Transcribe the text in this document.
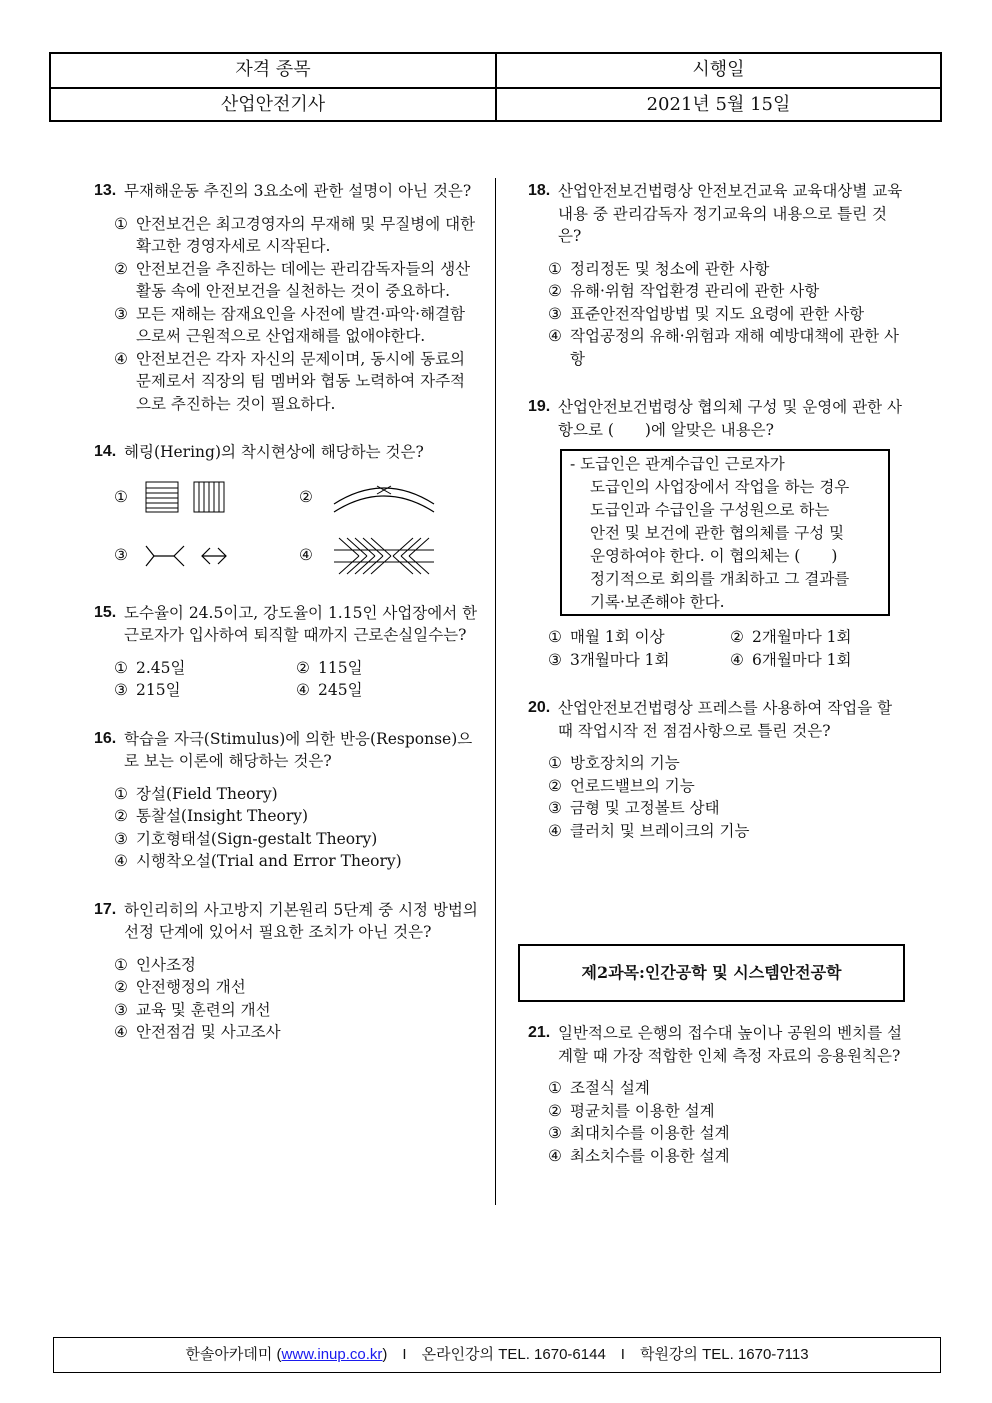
자격 종목	시행일
산업안전기사	2021년 5월 15일
13. 무재해운동 추진의 3요소에 관한 설명이 아닌 것은?
① 안전보건은 최고경영자의 무재해 및 무질병에 대한 확고한 경영자세로 시작된다.
② 안전보건을 추진하는 데에는 관리감독자들의 생산 활동 속에 안전보건을 실천하는 것이 중요하다.
③ 모든 재해는 잠재요인을 사전에 발견·파악·해결함으로써 근원적으로 산업재해를 없애야한다.
④ 안전보건은 각자 자신의 문제이며, 동시에 동료의 문제로서 직장의 팀 멤버와 협동 노력하여 자주적으로 추진하는 것이 필요하다.
14. 헤링(Hering)의 착시현상에 해당하는 것은?
①	②
③	④
15. 도수율이 24.5이고, 강도율이 1.15인 사업장에서 한 근로자가 입사하여 퇴직할 때까지 근로손실일수는?
① 2.45일	② 115일
③ 215일	④ 245일
16. 학습을 자극(Stimulus)에 의한 반응(Response)으로 보는 이론에 해당하는 것은?
① 장설(Field Theory)
② 통찰설(Insight Theory)
③ 기호형태설(Sign-gestalt Theory)
④ 시행착오설(Trial and Error Theory)
17. 하인리히의 사고방지 기본원리 5단계 중 시정 방법의 선정 단계에 있어서 필요한 조치가 아닌 것은?
① 인사조정
② 안전행정의 개선
③ 교육 및 훈련의 개선
④ 안전점검 및 사고조사
18. 산업안전보건법령상 안전보건교육 교육대상별 교육내용 중 관리감독자 정기교육의 내용으로 틀린 것은?
① 정리정돈 및 청소에 관한 사항
② 유해·위험 작업환경 관리에 관한 사항
③ 표준안전작업방법 및 지도 요령에 관한 사항
④ 작업공정의 유해·위험과 재해 예방대책에 관한 사항
19. 산업안전보건법령상 협의체 구성 및 운영에 관한 사항으로 (　　)에 알맞은 내용은?
- 도급인은 관계수급인 근로자가
도급인의 사업장에서 작업을 하는 경우
도급인과 수급인을 구성원으로 하는
안전 및 보건에 관한 협의체를 구성 및
운영하여야 한다. 이 협의체는 (　　)
정기적으로 회의를 개최하고 그 결과를
기록·보존해야 한다.
① 매월 1회 이상	② 2개월마다 1회
③ 3개월마다 1회	④ 6개월마다 1회
20. 산업안전보건법령상 프레스를 사용하여 작업을 할 때 작업시작 전 점검사항으로 틀린 것은?
① 방호장치의 기능
② 언로드밸브의 기능
③ 금형 및 고정볼트 상태
④ 클러치 및 브레이크의 기능
제2과목:인간공학 및 시스템안전공학
21. 일반적으로 은행의 접수대 높이나 공원의 벤치를 설계할 때 가장 적합한 인체 측정 자료의 응용원칙은?
① 조절식 설계
② 평균치를 이용한 설계
③ 최대치수를 이용한 설계
④ 최소치수를 이용한 설계
한솔아카데미 (www.inup.co.kr)　I　온라인강의 TEL. 1670-6144　I　학원강의 TEL. 1670-7113
